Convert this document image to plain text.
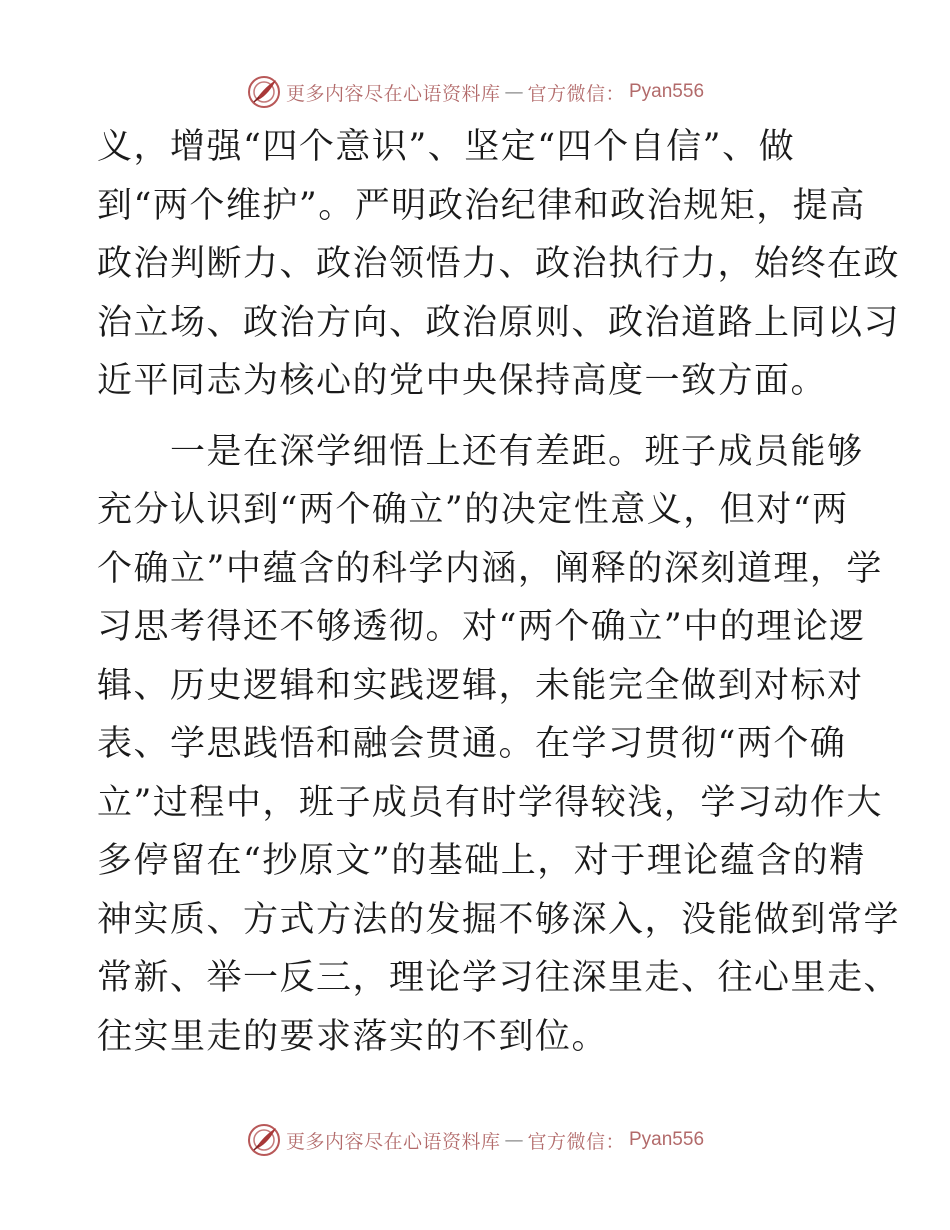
更多内容尽在心语资料库 — 官方微信： Pyan556
义，增强“四个意识”、坚定“四个自信”、做
到“两个维护”。严明政治纪律和政治规矩，提高
政治判断力、政治领悟力、政治执行力，始终在政
治立场、政治方向、政治原则、政治道路上同以习
近平同志为核心的党中央保持高度一致方面。
　　一是在深学细悟上还有差距。班子成员能够
充分认识到“两个确立”的决定性意义，但对“两
个确立”中蕴含的科学内涵，阐释的深刻道理，学
习思考得还不够透彻。对“两个确立”中的理论逻
辑、历史逻辑和实践逻辑，未能完全做到对标对
表、学思践悟和融会贯通。在学习贯彻“两个确
立”过程中，班子成员有时学得较浅，学习动作大
多停留在“抄原文”的基础上，对于理论蕴含的精
神实质、方式方法的发掘不够深入，没能做到常学
常新、举一反三，理论学习往深里走、往心里走、
往实里走的要求落实的不到位。
更多内容尽在心语资料库 — 官方微信： Pyan556
